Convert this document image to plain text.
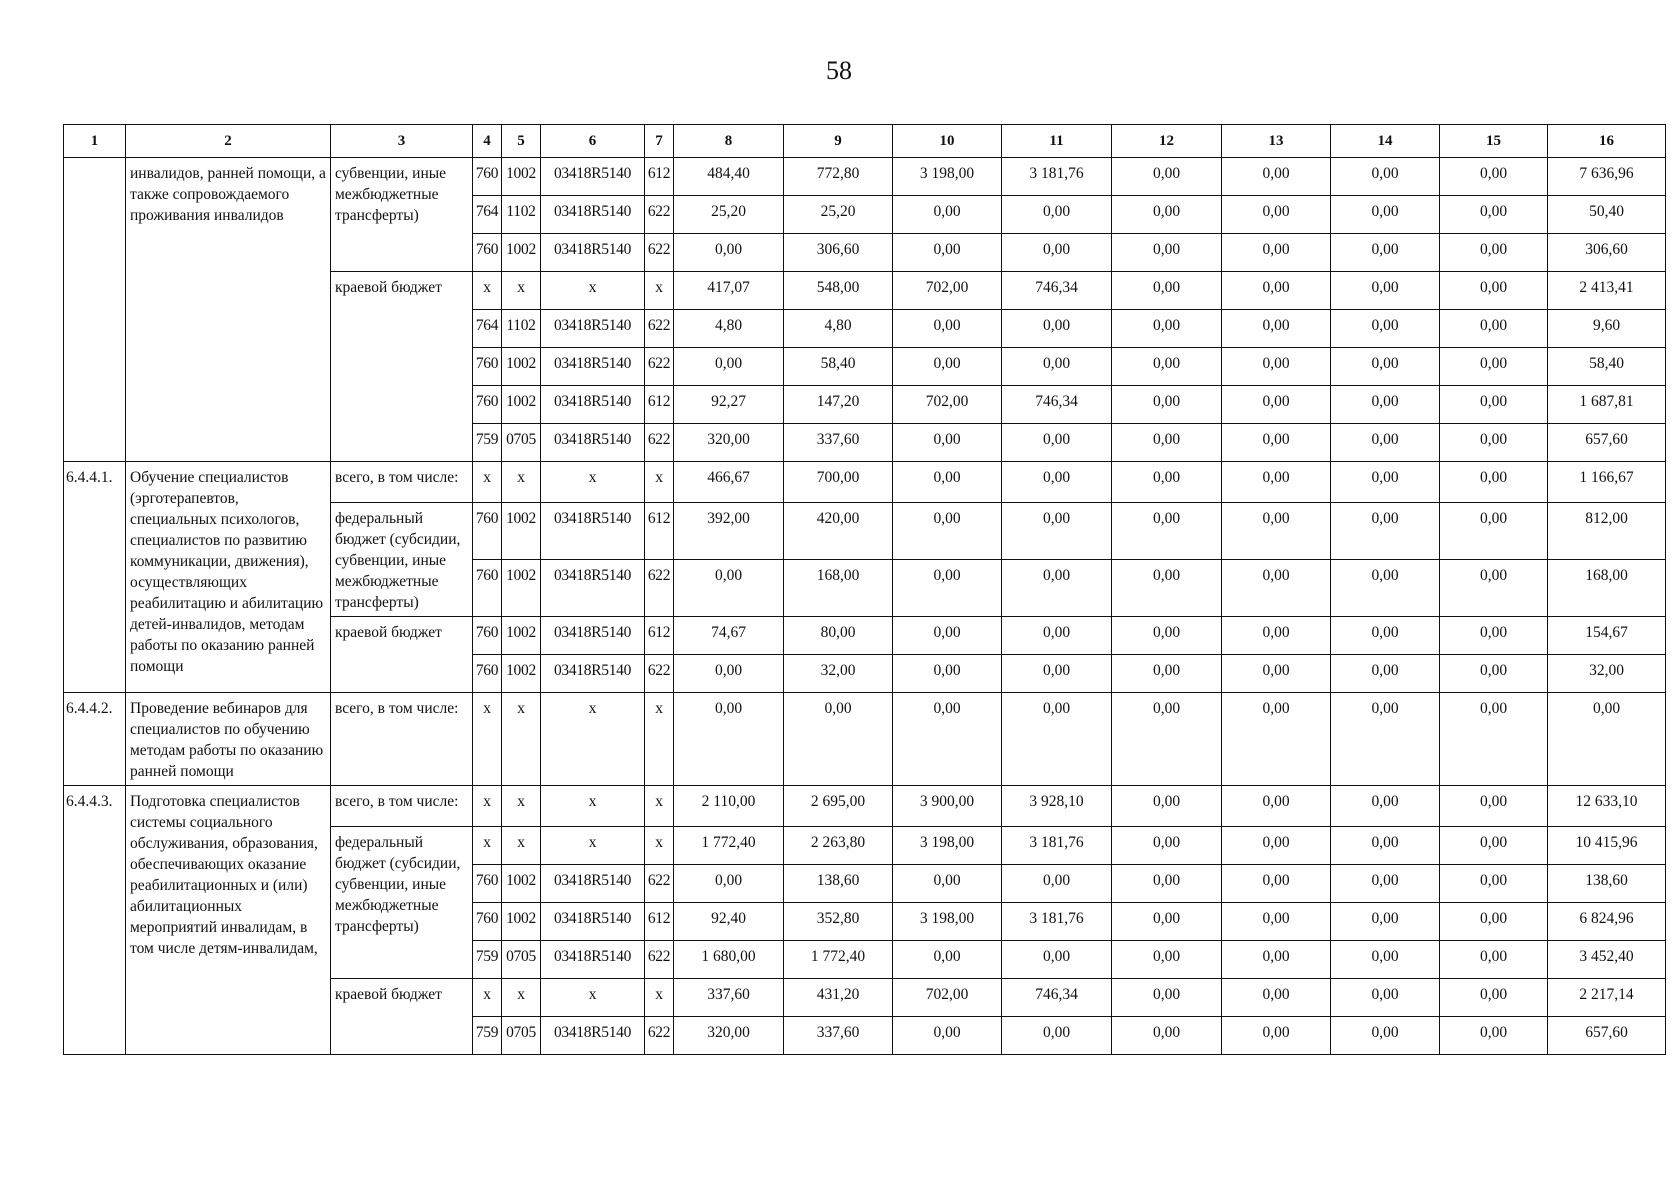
58
1	2	3	4	5	6	7	8	9	10	11	12	13	14	15	16
	инвалидов, ранней помощи, а также сопровождаемого проживания инвалидов	субвенции, иные межбюджетные трансферты)	760	1002	03418R5140	612	484,40	772,80	3 198,00	3 181,76	0,00	0,00	0,00	0,00	7 636,96
			764	1102	03418R5140	622	25,20	25,20	0,00	0,00	0,00	0,00	0,00	0,00	50,40
			760	1002	03418R5140	622	0,00	306,60	0,00	0,00	0,00	0,00	0,00	0,00	306,60
		краевой бюджет	x	x	x	x	417,07	548,00	702,00	746,34	0,00	0,00	0,00	0,00	2 413,41
			764	1102	03418R5140	622	4,80	4,80	0,00	0,00	0,00	0,00	0,00	0,00	9,60
			760	1002	03418R5140	622	0,00	58,40	0,00	0,00	0,00	0,00	0,00	0,00	58,40
			760	1002	03418R5140	612	92,27	147,20	702,00	746,34	0,00	0,00	0,00	0,00	1 687,81
			759	0705	03418R5140	622	320,00	337,60	0,00	0,00	0,00	0,00	0,00	0,00	657,60
6.4.4.1.	Обучение специалистов (эрготерапевтов, специальных психологов, специалистов по развитию коммуникации, движения), осуществляющих реабилитацию и абилитацию детей-инвалидов, методам работы по оказанию ранней помощи	всего, в том числе:	x	x	x	x	466,67	700,00	0,00	0,00	0,00	0,00	0,00	0,00	1 166,67
		федеральный бюджет (субсидии, субвенции, иные межбюджетные трансферты)	760	1002	03418R5140	612	392,00	420,00	0,00	0,00	0,00	0,00	0,00	0,00	812,00
			760	1002	03418R5140	622	0,00	168,00	0,00	0,00	0,00	0,00	0,00	0,00	168,00
		краевой бюджет	760	1002	03418R5140	612	74,67	80,00	0,00	0,00	0,00	0,00	0,00	0,00	154,67
			760	1002	03418R5140	622	0,00	32,00	0,00	0,00	0,00	0,00	0,00	0,00	32,00
6.4.4.2.	Проведение вебинаров для специалистов по обучению методам работы по оказанию ранней помощи	всего, в том числе:	x	x	x	x	0,00	0,00	0,00	0,00	0,00	0,00	0,00	0,00	0,00
6.4.4.3.	Подготовка специалистов системы социального обслуживания, образования, обеспечивающих оказание реабилитационных и (или) абилитационных мероприятий инвалидам, в том числе детям-инвалидам,	всего, в том числе:	x	x	x	x	2 110,00	2 695,00	3 900,00	3 928,10	0,00	0,00	0,00	0,00	12 633,10
		федеральный бюджет (субсидии, субвенции, иные межбюджетные трансферты)	x	x	x	x	1 772,40	2 263,80	3 198,00	3 181,76	0,00	0,00	0,00	0,00	10 415,96
			760	1002	03418R5140	622	0,00	138,60	0,00	0,00	0,00	0,00	0,00	0,00	138,60
			760	1002	03418R5140	612	92,40	352,80	3 198,00	3 181,76	0,00	0,00	0,00	0,00	6 824,96
			759	0705	03418R5140	622	1 680,00	1 772,40	0,00	0,00	0,00	0,00	0,00	0,00	3 452,40
		краевой бюджет	x	x	x	x	337,60	431,20	702,00	746,34	0,00	0,00	0,00	0,00	2 217,14
			759	0705	03418R5140	622	320,00	337,60	0,00	0,00	0,00	0,00	0,00	0,00	657,60
